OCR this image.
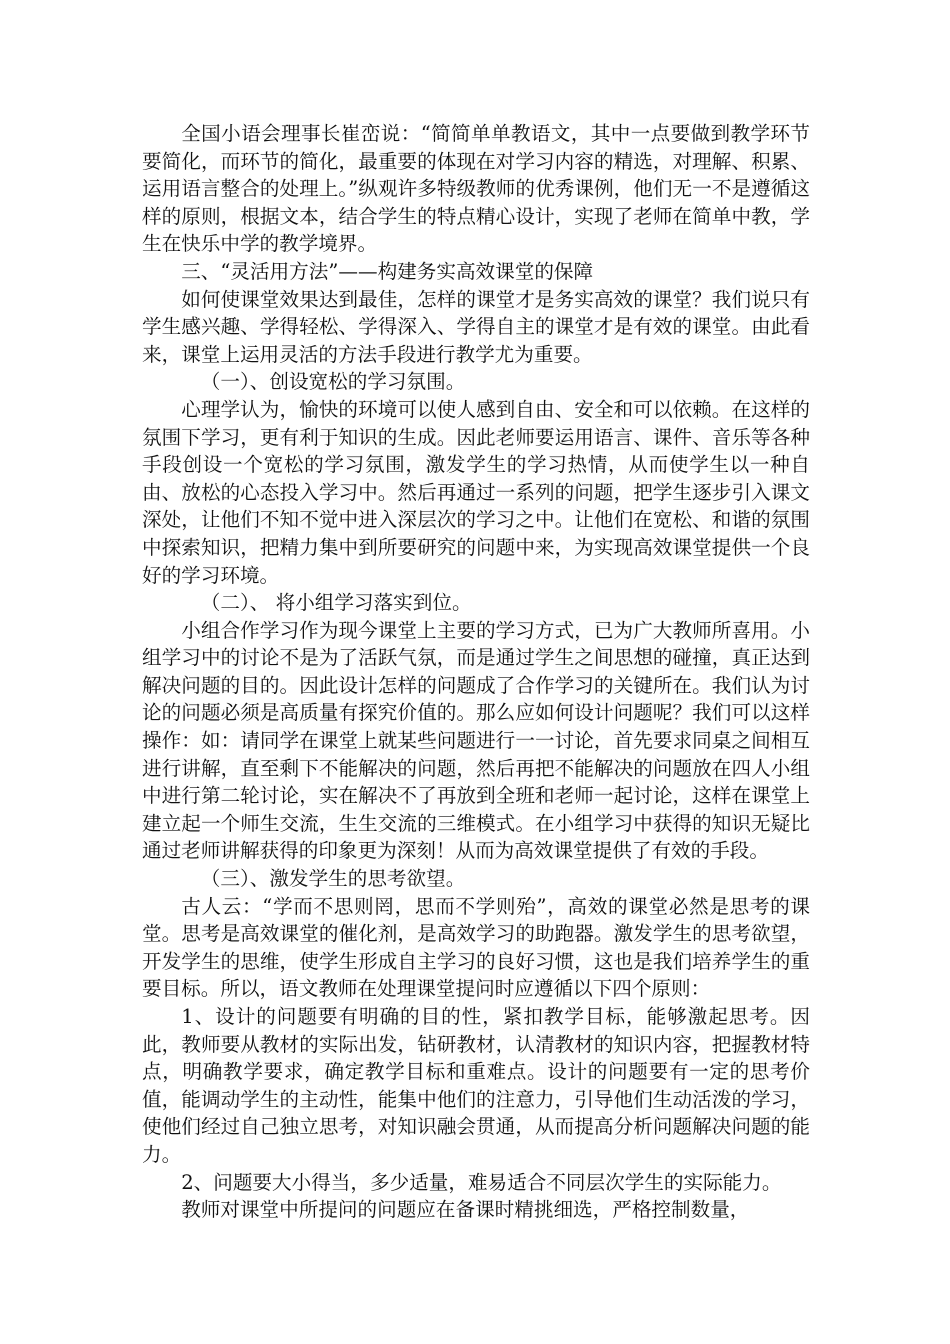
全国小语会理事长崔峦说：“简简单单教语文，其中一点要做到教学环节要简化，而环节的简化，最重要的体现在对学习内容的精选，对理解、积累、运用语言整合的处理上。”纵观许多特级教师的优秀课例，他们无一不是遵循这样的原则，根据文本，结合学生的特点精心设计，实现了老师在简单中教，学生在快乐中学的教学境界。

三、“灵活用方法”——构建务实高效课堂的保障

如何使课堂效果达到最佳，怎样的课堂才是务实高效的课堂？我们说只有学生感兴趣、学得轻松、学得深入、学得自主的课堂才是有效的课堂。由此看来，课堂上运用灵活的方法手段进行教学尤为重要。

（一）、创设宽松的学习氛围。

心理学认为，愉快的环境可以使人感到自由、安全和可以依赖。在这样的氛围下学习，更有利于知识的生成。因此老师要运用语言、课件、音乐等各种手段创设一个宽松的学习氛围，激发学生的学习热情，从而使学生以一种自由、放松的心态投入学习中。然后再通过一系列的问题，把学生逐步引入课文深处，让他们不知不觉中进入深层次的学习之中。让他们在宽松、和谐的氛围中探索知识，把精力集中到所要研究的问题中来，为实现高效课堂提供一个良好的学习环境。

（二）、 将小组学习落实到位。

小组合作学习作为现今课堂上主要的学习方式，已为广大教师所喜用。小组学习中的讨论不是为了活跃气氛，而是通过学生之间思想的碰撞，真正达到解决问题的目的。因此设计怎样的问题成了合作学习的关键所在。我们认为讨论的问题必须是高质量有探究价值的。那么应如何设计问题呢？我们可以这样操作：如：请同学在课堂上就某些问题进行一一讨论，首先要求同桌之间相互进行讲解，直至剩下不能解决的问题，然后再把不能解决的问题放在四人小组中进行第二轮讨论，实在解决不了再放到全班和老师一起讨论，这样在课堂上建立起一个师生交流，生生交流的三维模式。在小组学习中获得的知识无疑比通过老师讲解获得的印象更为深刻！从而为高效课堂提供了有效的手段。

（三）、激发学生的思考欲望。

古人云：“学而不思则罔，思而不学则殆”，高效的课堂必然是思考的课堂。思考是高效课堂的催化剂，是高效学习的助跑器。激发学生的思考欲望，开发学生的思维，使学生形成自主学习的良好习惯，这也是我们培养学生的重要目标。所以，语文教师在处理课堂提问时应遵循以下四个原则：

1、设计的问题要有明确的目的性，紧扣教学目标，能够激起思考。因此，教师要从教材的实际出发，钻研教材，认清教材的知识内容，把握教材特点，明确教学要求，确定教学目标和重难点。设计的问题要有一定的思考价值，能调动学生的主动性，能集中他们的注意力，引导他们生动活泼的学习，使他们经过自己独立思考，对知识融会贯通，从而提高分析问题解决问题的能力。

2、问题要大小得当，多少适量，难易适合不同层次学生的实际能力。

教师对课堂中所提问的问题应在备课时精挑细选，严格控制数量，
